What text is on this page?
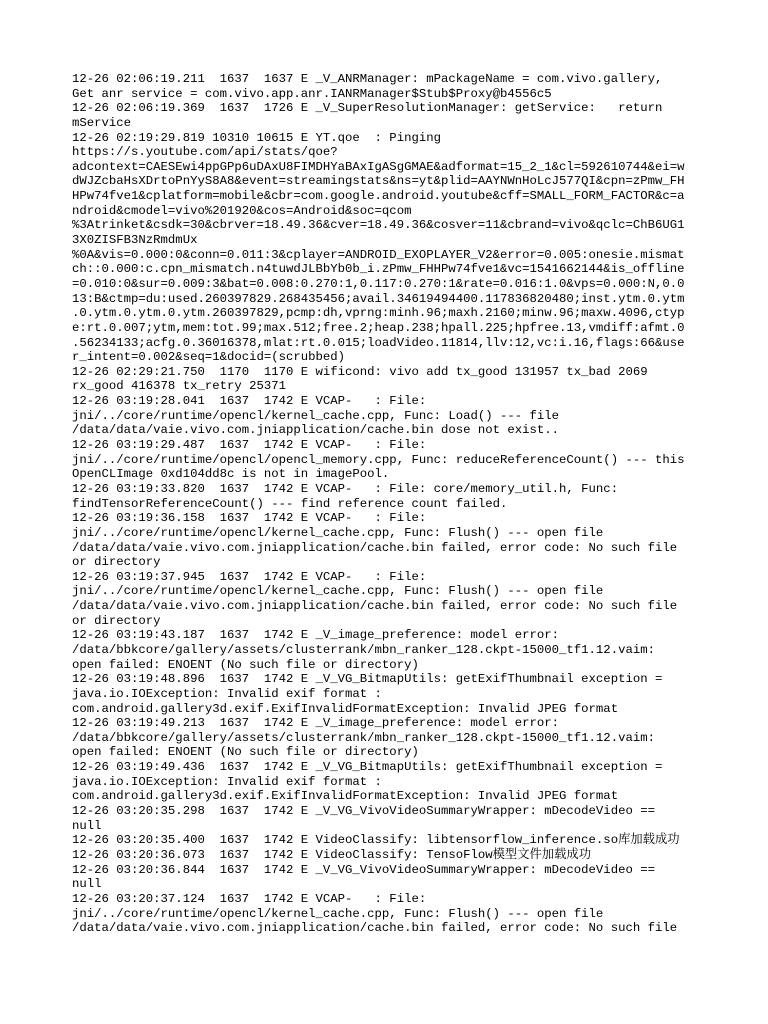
12-26 02:06:19.211  1637  1637 E _V_ANRManager: mPackageName = com.vivo.gallery,
Get anr service = com.vivo.app.anr.IANRManager$Stub$Proxy@b4556c5
12-26 02:06:19.369  1637  1726 E _V_SuperResolutionManager: getService:   return
mService
12-26 02:19:29.819 10310 10615 E YT.qoe  : Pinging
https://s.youtube.com/api/stats/qoe?
adcontext=CAESEwi4ppGPp6uDAxU8FIMDHYaBAxIgASgGMAE&adformat=15_2_1&cl=592610744&ei=w
dWJZcbaHsXDrtoPnYyS8A8&event=streamingstats&ns=yt&plid=AAYNWnHoLcJ577QI&cpn=zPmw_FH
HPw74fve1&cplatform=mobile&cbr=com.google.android.youtube&cff=SMALL_FORM_FACTOR&c=a
ndroid&cmodel=vivo%201920&cos=Android&soc=qcom
%3Atrinket&csdk=30&cbrver=18.49.36&cver=18.49.36&cosver=11&cbrand=vivo&qclc=ChB6UG1
3X0ZISFB3NzRmdmUx
%0A&vis=0.000:0&conn=0.011:3&cplayer=ANDROID_EXOPLAYER_V2&error=0.005:onesie.mismat
ch::0.000:c.cpn_mismatch.n4tuwdJLBbYb0b_i.zPmw_FHHPw74fve1&vc=1541662144&is_offline
=0.010:0&sur=0.009:3&bat=0.008:0.270:1,0.117:0.270:1&rate=0.016:1.0&vps=0.000:N,0.0
13:B&ctmp=du:used.260397829.268435456;avail.34619494400.117836820480;inst.ytm.0.ytm
.0.ytm.0.ytm.0.ytm.260397829,pcmp:dh,vprng:minh.96;maxh.2160;minw.96;maxw.4096,ctyp
e:rt.0.007;ytm,mem:tot.99;max.512;free.2;heap.238;hpall.225;hpfree.13,vmdiff:afmt.0
.56234133;acfg.0.36016378,mlat:rt.0.015;loadVideo.11814,llv:12,vc:i.16,flags:66&use
r_intent=0.002&seq=1&docid=(scrubbed)
12-26 02:29:21.750  1170  1170 E wificond: vivo add tx_good 131957 tx_bad 2069
rx_good 416378 tx_retry 25371
12-26 03:19:28.041  1637  1742 E VCAP-   : File:
jni/../core/runtime/opencl/kernel_cache.cpp, Func: Load() --- file
/data/data/vaie.vivo.com.jniapplication/cache.bin dose not exist..
12-26 03:19:29.487  1637  1742 E VCAP-   : File:
jni/../core/runtime/opencl/opencl_memory.cpp, Func: reduceReferenceCount() --- this
OpenCLImage 0xd104dd8c is not in imagePool.
12-26 03:19:33.820  1637  1742 E VCAP-   : File: core/memory_util.h, Func:
findTensorReferenceCount() --- find reference count failed.
12-26 03:19:36.158  1637  1742 E VCAP-   : File:
jni/../core/runtime/opencl/kernel_cache.cpp, Func: Flush() --- open file
/data/data/vaie.vivo.com.jniapplication/cache.bin failed, error code: No such file
or directory
12-26 03:19:37.945  1637  1742 E VCAP-   : File:
jni/../core/runtime/opencl/kernel_cache.cpp, Func: Flush() --- open file
/data/data/vaie.vivo.com.jniapplication/cache.bin failed, error code: No such file
or directory
12-26 03:19:43.187  1637  1742 E _V_image_preference: model error:
/data/bbkcore/gallery/assets/clusterrank/mbn_ranker_128.ckpt-15000_tf1.12.vaim:
open failed: ENOENT (No such file or directory)
12-26 03:19:48.896  1637  1742 E _V_VG_BitmapUtils: getExifThumbnail exception =
java.io.IOException: Invalid exif format :
com.android.gallery3d.exif.ExifInvalidFormatException: Invalid JPEG format
12-26 03:19:49.213  1637  1742 E _V_image_preference: model error:
/data/bbkcore/gallery/assets/clusterrank/mbn_ranker_128.ckpt-15000_tf1.12.vaim:
open failed: ENOENT (No such file or directory)
12-26 03:19:49.436  1637  1742 E _V_VG_BitmapUtils: getExifThumbnail exception =
java.io.IOException: Invalid exif format :
com.android.gallery3d.exif.ExifInvalidFormatException: Invalid JPEG format
12-26 03:20:35.298  1637  1742 E _V_VG_VivoVideoSummaryWrapper: mDecodeVideo ==
null
12-26 03:20:35.400  1637  1742 E VideoClassify: libtensorflow_inference.so库加载成功
12-26 03:20:36.073  1637  1742 E VideoClassify: TensoFlow模型文件加载成功
12-26 03:20:36.844  1637  1742 E _V_VG_VivoVideoSummaryWrapper: mDecodeVideo ==
null
12-26 03:20:37.124  1637  1742 E VCAP-   : File:
jni/../core/runtime/opencl/kernel_cache.cpp, Func: Flush() --- open file
/data/data/vaie.vivo.com.jniapplication/cache.bin failed, error code: No such file
